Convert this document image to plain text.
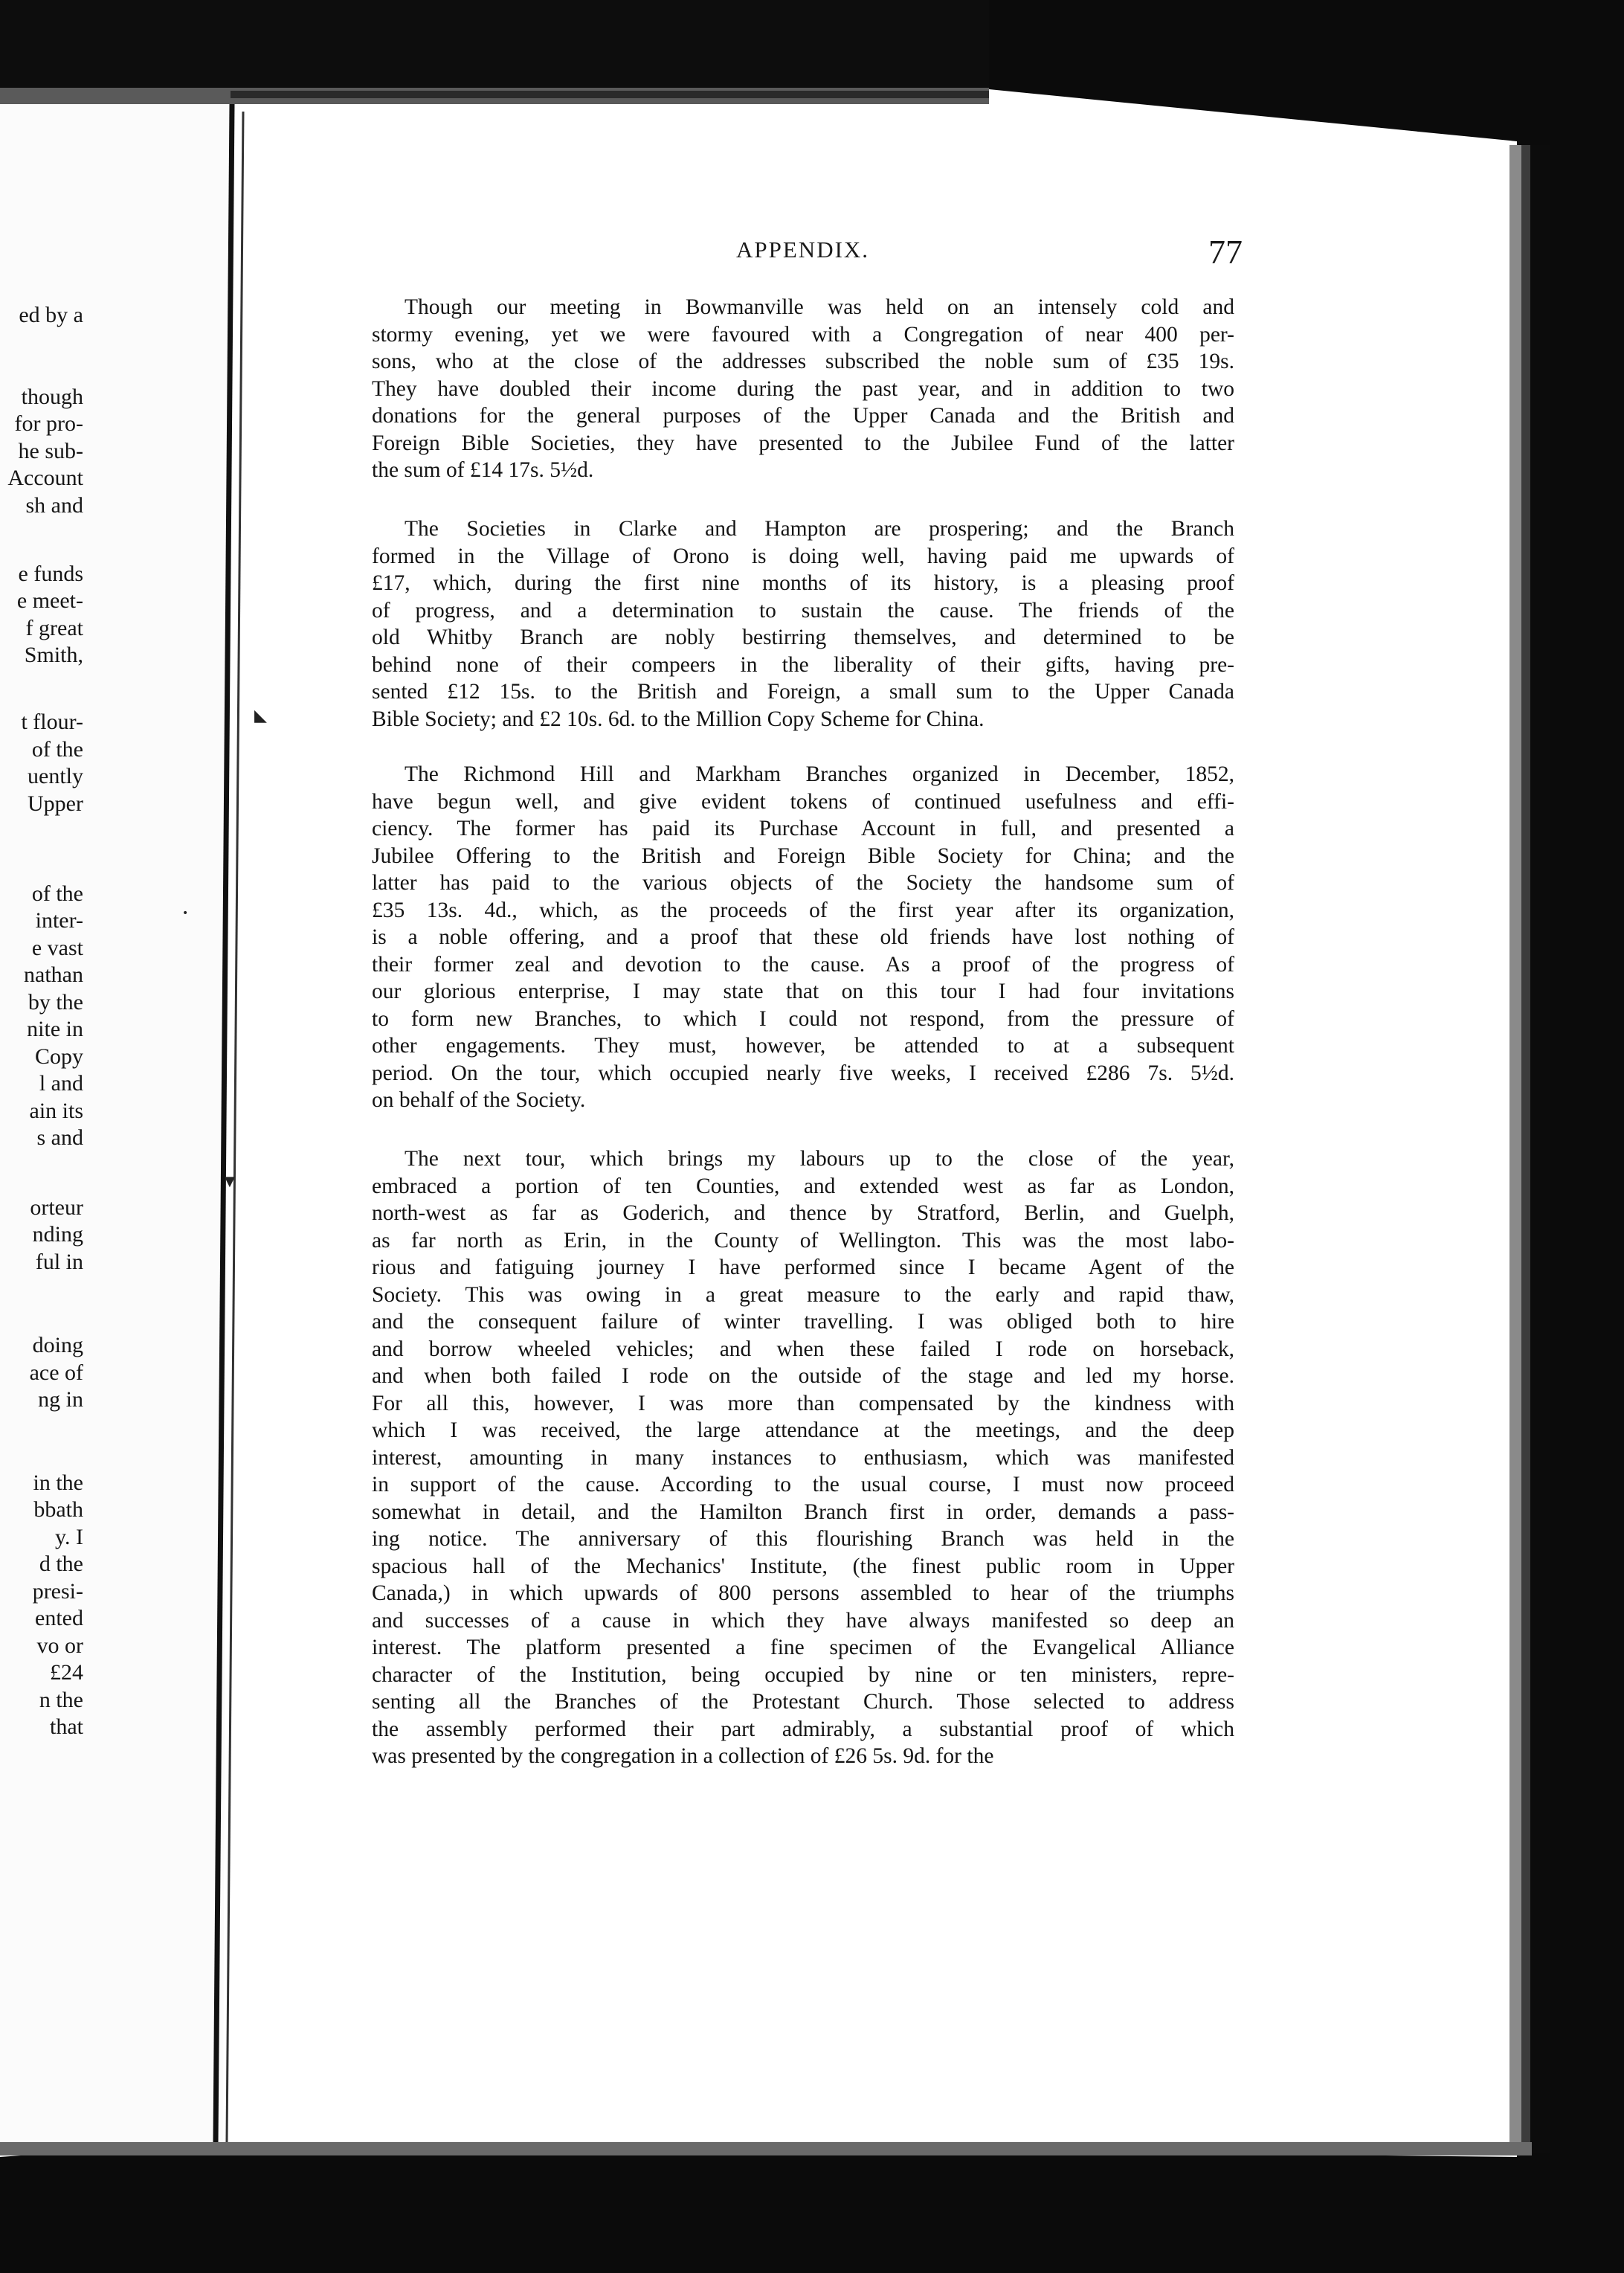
ed by a
though
for pro-
he sub-
Account
sh and
e funds
e meet-
f great
Smith,
t flour-
of the
uently
Upper
of the
inter-
e vast
nathan
by the
nite in
Copy
l and
ain its
s and
orteur
nding
ful in
doing
ace of
ng in
in the
bbath
y. I
d the
presi-
ented
vo or
£24
n the
that
APPENDIX.	77
Though our meeting in Bowmanville was held on an intensely cold and
stormy evening, yet we were favoured with a Congregation of near 400 per-
sons, who at the close of the addresses subscribed the noble sum of £35 19s.
They have doubled their income during the past year, and in addition to two
donations for the general purposes of the Upper Canada and the British and
Foreign Bible Societies, they have presented to the Jubilee Fund of the latter
the sum of £14 17s. 5½d.
The Societies in Clarke and Hampton are prospering; and the Branch
formed in the Village of Orono is doing well, having paid me upwards of
£17, which, during the first nine months of its history, is a pleasing proof
of progress, and a determination to sustain the cause. The friends of the
old Whitby Branch are nobly bestirring themselves, and determined to be
behind none of their compeers in the liberality of their gifts, having pre-
sented £12 15s. to the British and Foreign, a small sum to the Upper Canada
Bible Society; and £2 10s. 6d. to the Million Copy Scheme for China.
The Richmond Hill and Markham Branches organized in December, 1852,
have begun well, and give evident tokens of continued usefulness and effi-
ciency. The former has paid its Purchase Account in full, and presented a
Jubilee Offering to the British and Foreign Bible Society for China; and the
latter has paid to the various objects of the Society the handsome sum of
£35 13s. 4d., which, as the proceeds of the first year after its organization,
is a noble offering, and a proof that these old friends have lost nothing of
their former zeal and devotion to the cause. As a proof of the progress of
our glorious enterprise, I may state that on this tour I had four invitations
to form new Branches, to which I could not respond, from the pressure of
other engagements. They must, however, be attended to at a subsequent
period. On the tour, which occupied nearly five weeks, I received £286 7s. 5½d.
on behalf of the Society.
The next tour, which brings my labours up to the close of the year,
embraced a portion of ten Counties, and extended west as far as London,
north-west as far as Goderich, and thence by Stratford, Berlin, and Guelph,
as far north as Erin, in the County of Wellington. This was the most labo-
rious and fatiguing journey I have performed since I became Agent of the
Society. This was owing in a great measure to the early and rapid thaw,
and the consequent failure of winter travelling. I was obliged both to hire
and borrow wheeled vehicles; and when these failed I rode on horseback,
and when both failed I rode on the outside of the stage and led my horse.
For all this, however, I was more than compensated by the kindness with
which I was received, the large attendance at the meetings, and the deep
interest, amounting in many instances to enthusiasm, which was manifested
in support of the cause. According to the usual course, I must now proceed
somewhat in detail, and the Hamilton Branch first in order, demands a pass-
ing notice. The anniversary of this flourishing Branch was held in the
spacious hall of the Mechanics' Institute, (the finest public room in Upper
Canada,) in which upwards of 800 persons assembled to hear of the triumphs
and successes of a cause in which they have always manifested so deep an
interest. The platform presented a fine specimen of the Evangelical Alliance
character of the Institution, being occupied by nine or ten ministers, repre-
senting all the Branches of the Protestant Church. Those selected to address
the assembly performed their part admirably, a substantial proof of which
was presented by the congregation in a collection of £26 5s. 9d. for the
◣
▼
•
